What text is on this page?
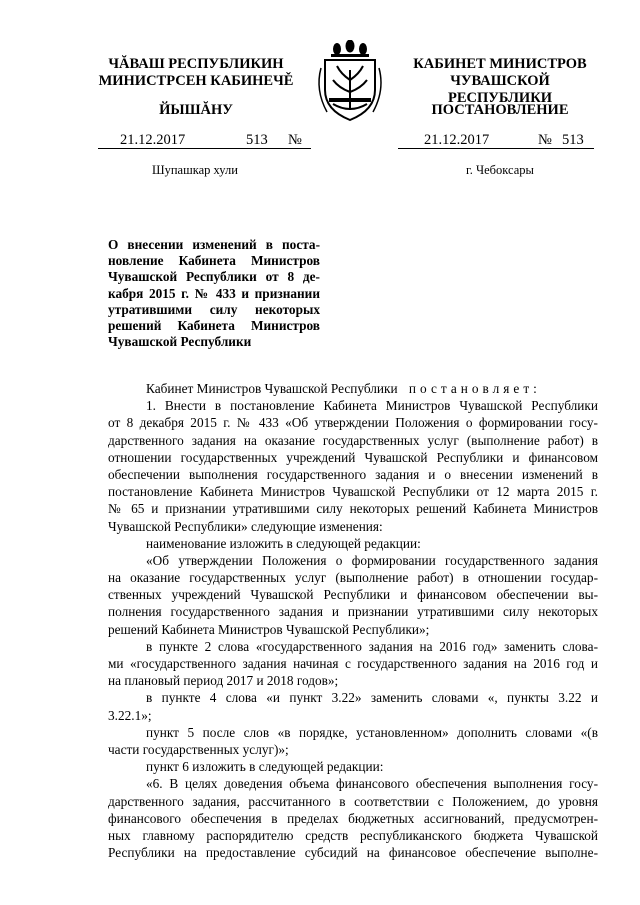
ЧĂВАШ РЕСПУБЛИКИН
МИНИСТРСЕН КАБИНЕЧĚ
КАБИНЕТ МИНИСТРОВ
ЧУВАШСКОЙ РЕСПУБЛИКИ
ЙЫШĂНУ	ПОСТАНОВЛЕНИЕ
21.12.2017	513 №	21.12.2017	№ 513
Шупашкар хули	г. Чебоксары
О внесении изменений в поста-
новление Кабинета Министров
Чувашской Республики от 8 де-
кабря 2015 г. № 433 и признании
утратившими силу некоторых
решений Кабинета Министров
Чувашской Республики
Кабинет Министров Чувашской Республики постановляет:
1. Внести в постановление Кабинета Министров Чувашской Республики
от 8 декабря 2015 г. № 433 «Об утверждении Положения о формировании госу-
дарственного задания на оказание государственных услуг (выполнение работ) в
отношении государственных учреждений Чувашской Республики и финансовом
обеспечении выполнения государственного задания и о внесении изменений в
постановление Кабинета Министров Чувашской Республики от 12 марта 2015 г.
№ 65 и признании утратившими силу некоторых решений Кабинета Министров
Чувашской Республики» следующие изменения:
наименование изложить в следующей редакции:
«Об утверждении Положения о формировании государственного задания
на оказание государственных услуг (выполнение работ) в отношении государ-
ственных учреждений Чувашской Республики и финансовом обеспечении вы-
полнения государственного задания и признании утратившими силу некоторых
решений Кабинета Министров Чувашской Республики»;
в пункте 2 слова «государственного задания на 2016 год» заменить слова-
ми «государственного задания начиная с государственного задания на 2016 год и
на плановый период 2017 и 2018 годов»;
в пункте 4 слова «и пункт 3.22» заменить словами «, пункты 3.22 и
3.22.1»;
пункт 5 после слов «в порядке, установленном» дополнить словами «(в
части государственных услуг)»;
пункт 6 изложить в следующей редакции:
«6. В целях доведения объема финансового обеспечения выполнения госу-
дарственного задания, рассчитанного в соответствии с Положением, до уровня
финансового обеспечения в пределах бюджетных ассигнований, предусмотрен-
ных главному распорядителю средств республиканского бюджета Чувашской
Республики на предоставление субсидий на финансовое обеспечение выполне-
